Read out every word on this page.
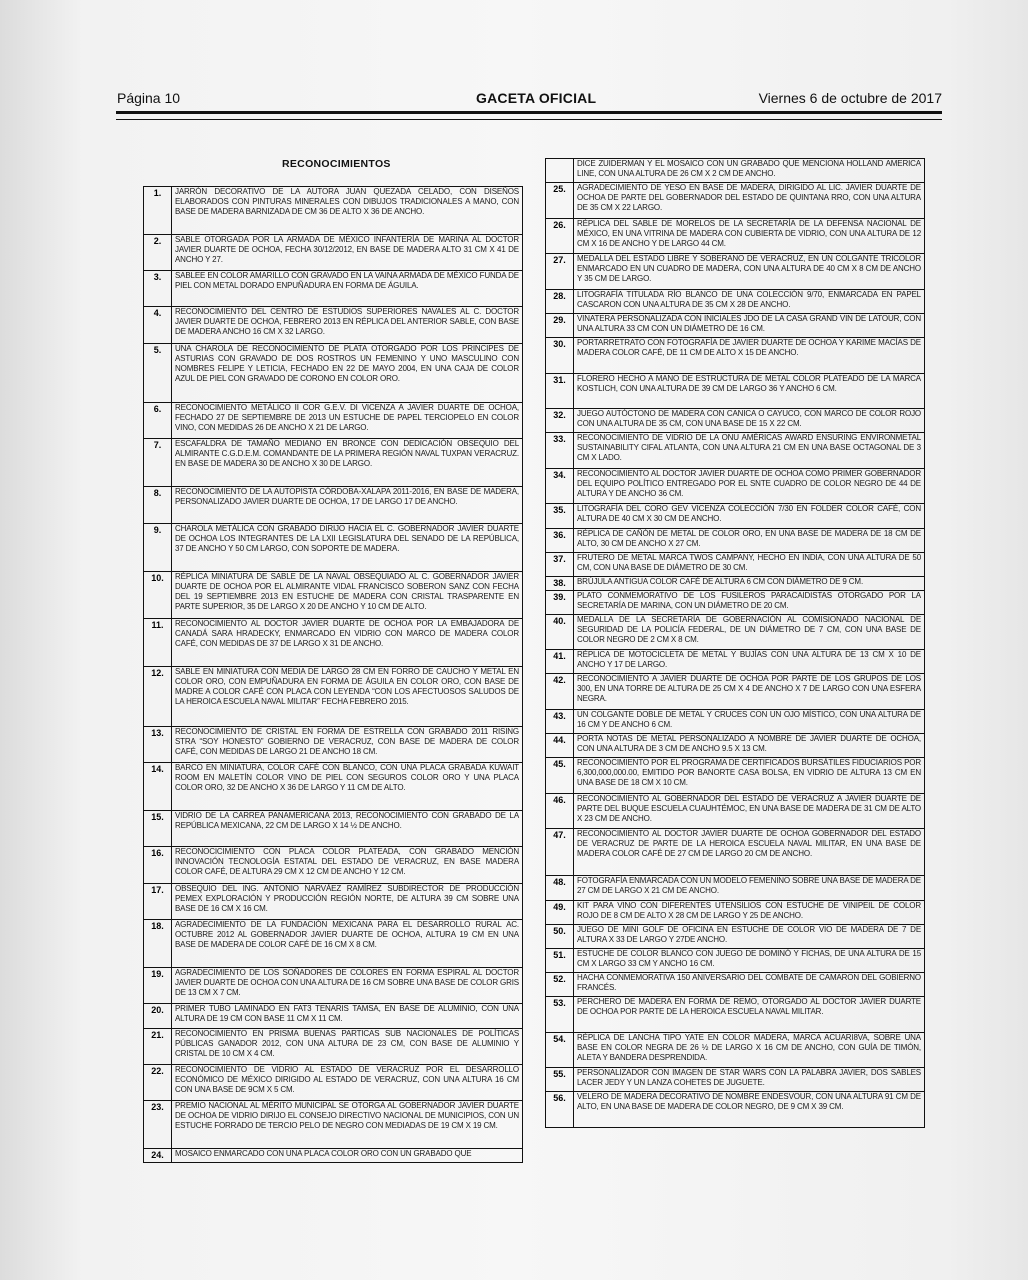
Página 10	GACETA OFICIAL	Viernes 6 de octubre de 2017
RECONOCIMIENTOS
1.	JARRÓN DECORATIVO DE LA AUTORA JUAN QUEZADA CELADO, CON DISEÑOS ELABORADOS CON PINTURAS MINERALES CON DIBUJOS TRADICIONALES A MANO, CON BASE DE MADERA BARNIZADA DE CM 36 DE ALTO X 36 DE ANCHO.
2.	SABLE OTORGADA POR LA ARMADA DE MÉXICO INFANTERÍA DE MARINA AL DOCTOR JAVIER DUARTE DE OCHOA, FECHA 30/12/2012, EN BASE DE MADERA ALTO 31 CM X 41 DE ANCHO Y 27.
3.	SABLEE EN COLOR AMARILLO CON GRAVADO EN LA VAINA ARMADA DE MÉXICO FUNDA DE PIEL CON METAL DORADO ENPUÑADURA EN FORMA DE ÁGUILA.
4.	RECONOCIMIENTO DEL CENTRO DE ESTUDIOS SUPERIORES NAVALES AL C. DOCTOR JAVIER DUARTE DE OCHOA, FEBRERO 2013 EN RÉPLICA DEL ANTERIOR SABLE, CON BASE DE MADERA ANCHO 16 CM X 32 LARGO.
5.	UNA CHAROLA DE RECONOCIMIENTO DE PLATA OTORGADO POR LOS PRINCIPES DE ASTURIAS CON GRAVADO DE DOS ROSTROS UN FEMENINO Y UNO MASCULINO CON NOMBRES FELIPE Y LETICIA, FECHADO EN 22 DE MAYO 2004, EN UNA CAJA DE COLOR AZUL DE PIEL CON GRAVADO DE CORONO EN COLOR ORO.
6.	RECONOCIMIENTO METÁLICO II COR G.E.V. DI VICENZA A JAVIER DUARTE DE OCHOA, FECHADO 27 DE SEPTIEMBRE DE 2013 UN ESTUCHE DE PAPEL TERCIOPELO EN COLOR VINO, CON MEDIDAS 26 DE ANCHO X 21 DE LARGO.
7.	ESCAFALDRA DE TAMAÑO MEDIANO EN BRONCE CON DEDICACIÓN OBSEQUIO DEL ALMIRANTE C.G.D.E.M. COMANDANTE DE LA PRIMERA REGIÓN NAVAL TUXPAN VERACRUZ. EN BASE DE MADERA 30 DE ANCHO X 30 DE LARGO.
8.	RECONOCIMIENTO DE LA AUTOPISTA CÓRDOBA-XALAPA 2011-2016, EN BASE DE MADERA, PERSONALIZADO JAVIER DUARTE DE OCHOA, 17 DE LARGO 17 DE ANCHO.
9.	CHAROLA METÁLICA CON GRABADO DIRIJO HACIA EL C. GOBERNADOR JAVIER DUARTE DE OCHOA LOS INTEGRANTES DE LA LXII LEGISLATURA DEL SENADO DE LA REPÚBLICA, 37 DE ANCHO Y 50 CM LARGO, CON SOPORTE DE MADERA.
10.	RÉPLICA MINIATURA DE SABLE DE LA NAVAL OBSEQUIADO AL C. GOBERNADOR JAVIER DUARTE DE OCHOA POR EL ALMIRANTE VIDAL FRANCISCO SOBERON SANZ CON FECHA DEL 19 SEPTIEMBRE 2013 EN ESTUCHE DE MADERA CON CRISTAL TRASPARENTE EN PARTE SUPERIOR, 35 DE LARGO X 20 DE ANCHO Y 10 CM DE ALTO.
11.	RECONOCIMIENTO AL DOCTOR JAVIER DUARTE DE OCHOA POR LA EMBAJADORA DE CANADÁ SARA HRADECKY, ENMARCADO EN VIDRIO CON MARCO DE MADERA COLOR CAFÉ, CON MEDIDAS DE 37 DE LARGO X 31 DE ANCHO.
12.	SABLE EN MINIATURA CON MEDIA DE LARGO 28 CM EN FORRO DE CAUCHO Y METAL EN COLOR ORO, CON EMPUÑADURA EN FORMA DE ÁGUILA EN COLOR ORO, CON BASE DE MADRE A COLOR CAFÉ CON PLACA CON LEYENDA “CON LOS AFECTUOSOS SALUDOS DE LA HEROICA ESCUELA NAVAL MILITAR” FECHA FEBRERO 2015.
13.	RECONOCIMIENTO DE CRISTAL EN FORMA DE ESTRELLA CON GRABADO 2011 RISING STRA “SOY HONESTO” GOBIERNO DE VERACRUZ, CON BASE DE MADERA DE COLOR CAFÉ, CON MEDIDAS DE LARGO 21 DE ANCHO 18 CM.
14.	BARCO EN MINIATURA, COLOR CAFÉ CON BLANCO, CON UNA PLACA GRABADA KUWAIT ROOM EN MALETÍN COLOR VINO DE PIEL CON SEGUROS COLOR ORO Y UNA PLACA COLOR ORO, 32 DE ANCHO X 36 DE LARGO Y 11 CM DE ALTO.
15.	VIDRIO DE LA CARREA PANAMERICANA 2013, RECONOCIMIENTO CON GRABADO DE LA REPÚBLICA MEXICANA, 22 CM DE LARGO X 14 ½ DE ANCHO.
16.	RECONOCICIMIENTO CON PLACA COLOR PLATEADA, CON GRABADO MENCIÓN INNOVACIÓN TECNOLOGÍA ESTATAL DEL ESTADO DE VERACRUZ, EN BASE MADERA COLOR CAFÉ, DE ALTURA 29 CM X 12 CM DE ANCHO Y 12 CM.
17.	OBSEQUIO DEL ING. ANTONIO NARVÁEZ RAMÍREZ SUBDIRECTOR DE PRODUCCIÓN PEMEX EXPLORACIÓN Y PRODUCCIÓN REGIÓN NORTE, DE ALTURA 39 CM SOBRE UNA BASE DE 16 CM X 16 CM.
18.	AGRADECIMIENTO DE LA FUNDACIÓN MEXICANA PARA EL DESARROLLO RURAL AC. OCTUBRE 2012 AL GOBERNADOR JAVIER DUARTE DE OCHOA, ALTURA 19 CM EN UNA BASE DE MADERA DE COLOR CAFÉ DE 16 CM X 8 CM.
19.	AGRADECIMIENTO DE LOS SOÑADORES DE COLORES EN FORMA ESPIRAL AL DOCTOR JAVIER DUARTE DE OCHOA CON UNA ALTURA DE 16 CM SOBRE UNA BASE DE COLOR GRIS DE 13 CM X 7 CM.
20.	PRIMER TUBO LAMINADO EN FAT3 TENARIS TAMSA, EN BASE DE ALUMINIO, CON UNA ALTURA DE 19 CM CON BASE 11 CM X 11 CM.
21.	RECONOCIMIENTO EN PRISMA BUENAS PARTICAS SUB NACIONALES DE POLÍTICAS PÚBLICAS GANADOR 2012, CON UNA ALTURA DE 23 CM, CON BASE DE ALUMINIO Y CRISTAL DE 10 CM X 4 CM.
22.	RECONOCIMIENTO DE VIDRIO AL ESTADO DE VERACRUZ POR EL DESARROLLO ECONÓMICO DE MÉXICO DIRIGIDO AL ESTADO DE VERACRUZ, CON UNA ALTURA 16 CM CON UNA BASE DE 9CM X 5 CM.
23.	PREMIO NACIONAL AL MÉRITO MUNICIPAL SE OTORGA AL GOBERNADOR JAVIER DUARTE DE OCHOA DE VIDRIO DIRIJO EL CONSEJO DIRECTIVO NACIONAL DE MUNICIPIOS, CON UN ESTUCHE FORRADO DE TERCIO PELO DE NEGRO CON MEDIADAS DE 19 CM X 19 CM.
24.	MOSAICO ENMARCADO CON UNA PLACA COLOR ORO CON UN GRABADO QUE
	DICE ZUIDERMAN Y EL MOSAICO CON UN GRABADO QUE MENCIONA HOLLAND AMERICA LINE, CON UNA ALTURA DE 26 CM X 2 CM DE ANCHO.
25.	AGRADECIMIENTO DE YESO EN BASE DE MADERA, DIRIGIDO AL LIC. JAVIER DUARTE DE OCHOA DE PARTE DEL GOBERNADOR DEL ESTADO DE QUINTANA RRO, CON UNA ALTURA DE 35 CM X 22 LARGO.
26.	RÉPLICA DEL SABLE DE MORELOS DE LA SECRETARÍA DE LA DEFENSA NACIONAL DE MÉXICO, EN UNA VITRINA DE MADERA CON CUBIERTA DE VIDRIO, CON UNA ALTURA DE 12 CM X 16 DE ANCHO Y DE LARGO 44 CM.
27.	MEDALLA DEL ESTADO LIBRE Y SOBERANO DE VERACRUZ, EN UN COLGANTE TRICOLOR ENMARCADO EN UN CUADRO DE MADERA, CON UNA ALTURA DE 40 CM X 8 CM DE ANCHO Y 35 CM DE LARGO.
28.	LITOGRAFÍA TITULADA RÍO BLANCO DE UNA COLECCIÓN 9/70, ENMARCADA EN PAPEL CASCARON CON UNA ALTURA DE 35 CM X 28 DE ANCHO.
29.	VINATERA PERSONALIZADA CON INICIALES JDO DE LA CASA GRAND VIN DE LATOUR, CON UNA ALTURA 33 CM CON UN DIÁMETRO DE 16 CM.
30.	PORTARRETRATO CON FOTOGRAFÍA DE JAVIER DUARTE DE OCHOA Y KARIME MACÍAS DE MADERA COLOR CAFÉ, DE 11 CM DE ALTO X 15 DE ANCHO.
31.	FLORERO HECHO A MANO DE ESTRUCTURA DE METAL COLOR PLATEADO DE LA MARCA KOSTLICH, CON UNA ALTURA DE 39 CM DE LARGO 36 Y ANCHO 6 CM.
32.	JUEGO AUTÓCTONO DE MADERA CON CANICA O CAYUCO, CON MARCO DE COLOR ROJO CON UNA ALTURA DE 35 CM, CON UNA BASE DE 15 X 22 CM.
33.	RECONOCIMIENTO DE VIDRIO DE LA ONU AMÉRICAS AWARD ENSURING ENVIRONMETAL SUSTAINABILITY CIFAL ATLANTA, CON UNA ALTURA 21 CM EN UNA BASE OCTAGONAL DE 3 CM X LADO.
34.	RECONOCIMIENTO AL DOCTOR JAVIER DUARTE DE OCHOA COMO PRIMER GOBERNADOR DEL EQUIPO POLÍTICO ENTREGADO POR EL SNTE CUADRO DE COLOR NEGRO DE 44 DE ALTURA Y DE ANCHO 36 CM.
35.	LITOGRAFÍA DEL CORO GEV VICENZA COLECCIÓN 7/30 EN FOLDER COLOR CAFÉ, CON ALTURA DE 40 CM X 30 CM DE ANCHO.
36.	RÉPLICA DE CAÑÓN DE METAL DE COLOR ORO, EN UNA BASE DE MADERA DE 18 CM DE ALTO, 30 CM DE ANCHO X 27 CM.
37.	FRUTERO DE METAL MARCA TWOS CAMPANY, HECHO EN INDIA, CON UNA ALTURA DE 50 CM, CON UNA BASE DE DIÁMETRO DE 30 CM.
38.	BRÚJULA ANTIGUA COLOR CAFÉ DE ALTURA 6 CM CON DIÁMETRO DE 9 CM.
39.	PLATO CONMEMORATIVO DE LOS FUSILEROS PARACAIDISTAS OTORGADO POR LA SECRETARÍA DE MARINA, CON UN DIÁMETRO DE 20 CM.
40.	MEDALLA DE LA SECRETARÍA DE GOBERNACIÓN AL COMISIONADO NACIONAL DE SEGURIDAD DE LA POLICÍA FEDERAL, DE UN DIÁMETRO DE 7 CM, CON UNA BASE DE COLOR NEGRO DE 2 CM X 8 CM.
41.	RÉPLICA DE MOTOCICLETA DE METAL Y BUJÍAS CON UNA ALTURA DE 13 CM X 10 DE ANCHO Y 17 DE LARGO.
42.	RECONOCIMIENTO A JAVIER DUARTE DE OCHOA POR PARTE DE LOS GRUPOS DE LOS 300, EN UNA TORRE DE ALTURA DE 25 CM X 4 DE ANCHO X 7 DE LARGO CON UNA ESFERA NEGRA.
43.	UN COLGANTE DOBLE DE METAL Y CRUCES CON UN OJO MÍSTICO, CON UNA ALTURA DE 16 CM Y DE ANCHO 6 CM.
44.	PORTA NOTAS DE METAL PERSONALIZADO A NOMBRE DE JAVIER DUARTE DE OCHOA, CON UNA ALTURA DE 3 CM DE ANCHO 9.5 X 13 CM.
45.	RECONOCIMIENTO POR EL PROGRAMA DE CERTIFICADOS BURSÁTILES FIDUCIARIOS POR 6,300,000,000.00, EMITIDO POR BANORTE CASA BOLSA, EN VIDRIO DE ALTURA 13 CM EN UNA BASE DE 18 CM X 10 CM.
46.	RECONOCIMIENTO AL GOBERNADOR DEL ESTADO DE VERACRUZ A JAVIER DUARTE DE PARTE DEL BUQUE ESCUELA CUAUHTÉMOC, EN UNA BASE DE MADERA DE 31 CM DE ALTO X 23 CM DE ANCHO.
47.	RECONOCIMIENTO AL DOCTOR JAVIER DUARTE DE OCHOA GOBERNADOR DEL ESTADO DE VERACRUZ DE PARTE DE LA HEROICA ESCUELA NAVAL MILITAR, EN UNA BASE DE MADERA COLOR CAFÉ DE 27 CM DE LARGO 20 CM DE ANCHO.
48.	FOTOGRAFÍA ENMARCADA CON UN MODELO FEMENINO SOBRE UNA BASE DE MADERA DE 27 CM DE LARGO X 21 CM DE ANCHO.
49.	KIT PARA VINO CON DIFERENTES UTENSILIOS CON ESTUCHE DE VINIPEIL DE COLOR ROJO DE 8 CM DE ALTO X 28 CM DE LARGO Y 25 DE ANCHO.
50.	JUEGO DE MINI GOLF DE OFICINA EN ESTUCHE DE COLOR VIO DE MADERA DE 7 DE ALTURA X 33 DE LARGO Y 27DE ANCHO.
51.	ESTUCHE DE COLOR BLANCO CON JUEGO DE DOMINÓ Y FICHAS, DE UNA ALTURA DE 15 CM X LARGO 33 CM Y ANCHO 16 CM.
52.	HACHA CONMEMORATIVA 150 ANIVERSARIO DEL COMBATE DE CAMARON DEL GOBIERNO FRANCÉS.
53.	PERCHERO DE MADERA EN FORMA DE REMO, OTORGADO AL DOCTOR JAVIER DUARTE DE OCHOA POR PARTE DE LA HEROICA ESCUELA NAVAL MILITAR.
54.	RÉPLICA DE LANCHA TIPO YATE EN COLOR MADERA, MARCA ACUARI8VA, SOBRE UNA BASE EN COLOR NEGRA DE 26 ½ DE LARGO X 16 CM DE ANCHO, CON GUÍA DE TIMÓN, ALETA Y BANDERA DESPRENDIDA.
55.	PERSONALIZADOR CON IMAGEN DE STAR WARS CON LA PALABRA JAVIER, DOS SABLES LACER JEDY Y UN LANZA COHETES DE JUGUETE.
56.	VELERO DE MADERA DECORATIVO DE NOMBRE ENDESVOUR, CON UNA ALTURA 91 CM DE ALTO, EN UNA BASE DE MADERA DE COLOR NEGRO, DE 9 CM X 39 CM.
